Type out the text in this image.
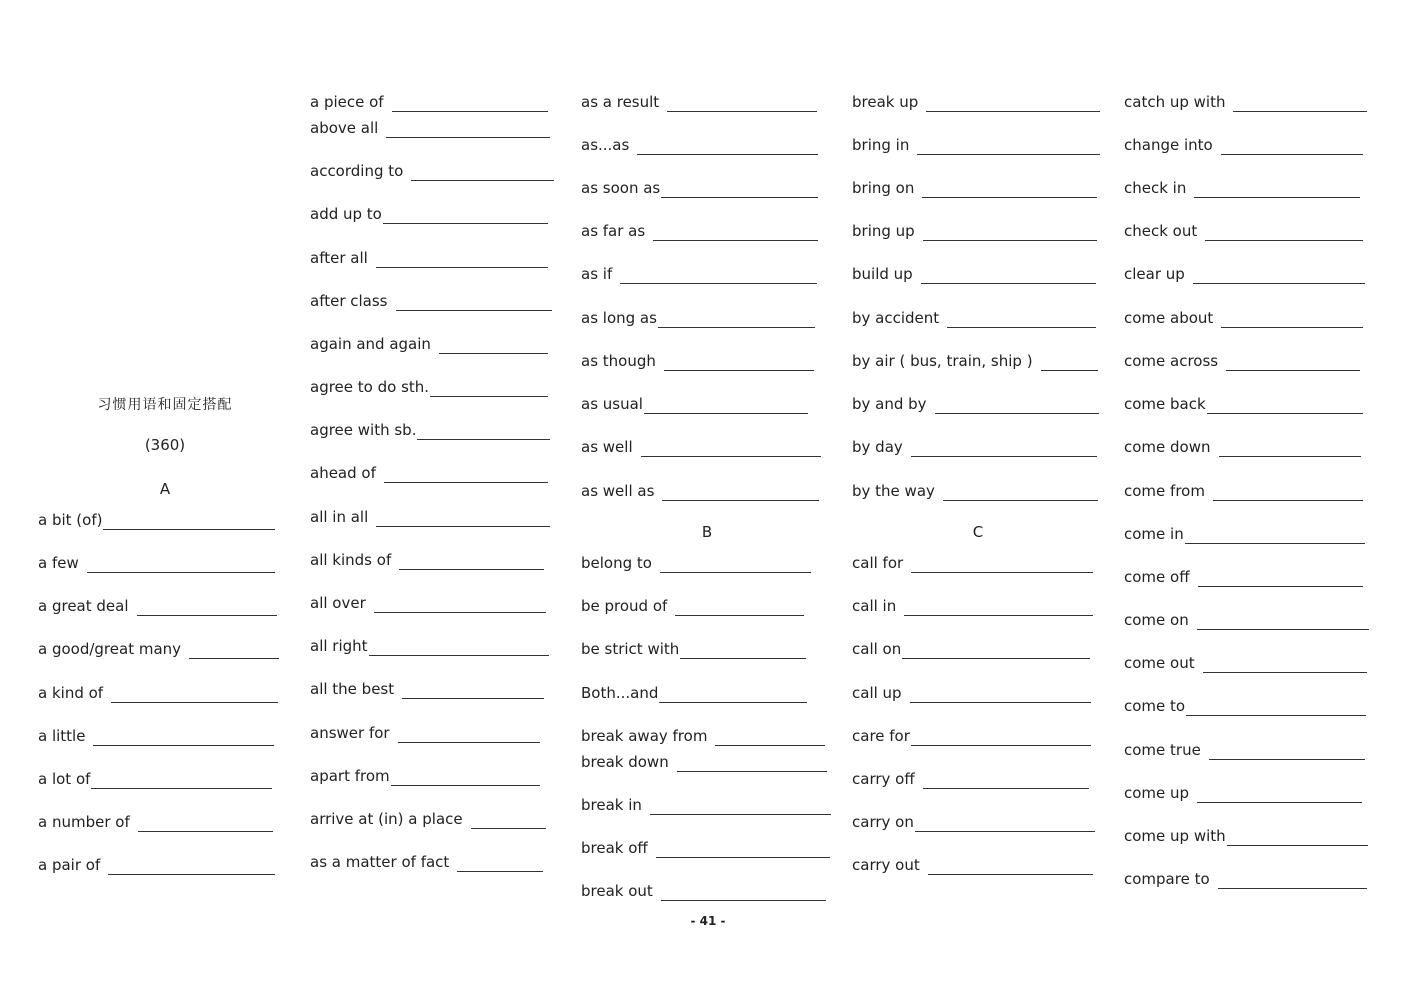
习惯用语和固定搭配
(360)
A
a bit (of)
a few
a great deal
a good/great many
a kind of
a little
a lot of
a number of
a pair of
a piece of
above all
according to
add up to
after all
after class
again and again
agree to do sth.
agree with sb.
ahead of
all in all
all kinds of
all over
all right
all the best
answer for
apart from
arrive at (in) a place
as a matter of fact
as a result
as...as
as soon as
as far as
as if
as long as
as though
as usual
as well
as well as
B
belong to
be proud of
be strict with
Both...and
break away from
break down
break in
break off
break out
break up
bring in
bring on
bring up
build up
by accident
by air ( bus, train, ship )
by and by
by day
by the way
C
call for
call in
call on
call up
care for
carry off
carry on
carry out
catch up with
change into
check in
check out
clear up
come about
come across
come back
come down
come from
come in
come off
come on
come out
come to
come true
come up
come up with
compare to
- 41 -
